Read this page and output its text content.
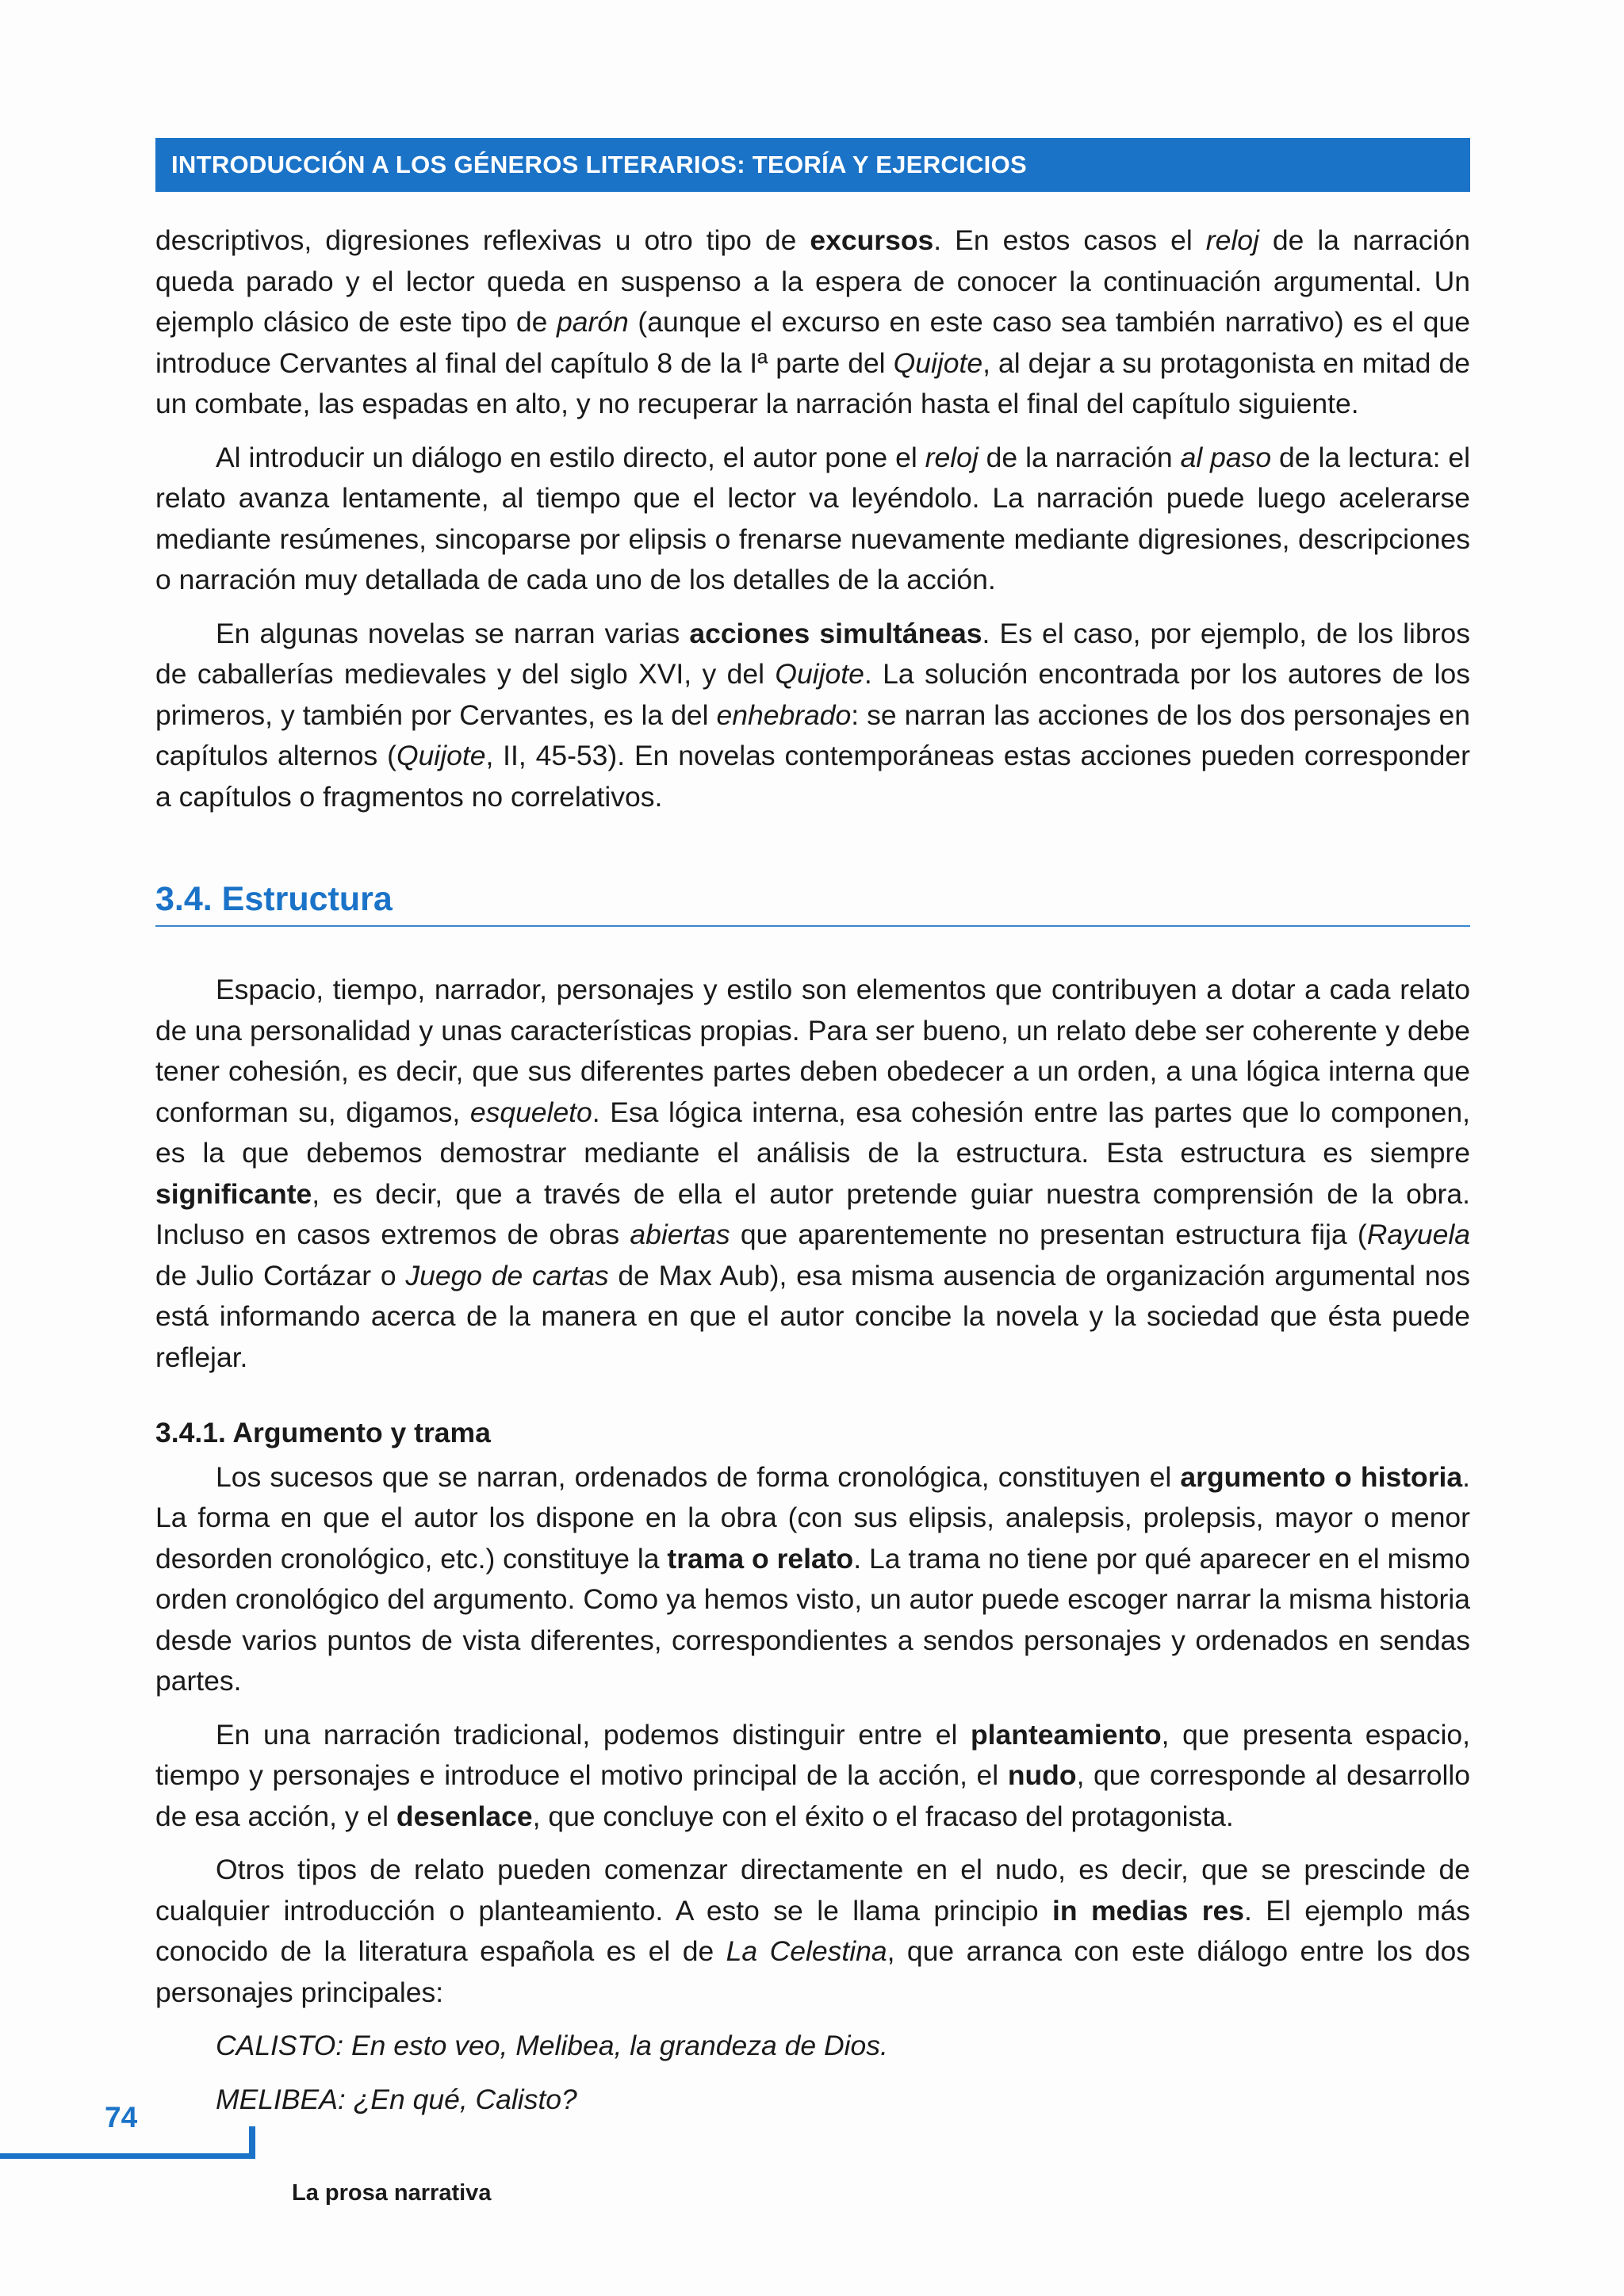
INTRODUCCIÓN A LOS GÉNEROS LITERARIOS: TEORÍA Y EJERCICIOS

descriptivos, digresiones reflexivas u otro tipo de excursos. En estos casos el reloj de la narración queda parado y el lector queda en suspenso a la espera de conocer la continuación argumental. Un ejemplo clásico de este tipo de parón (aunque el excurso en este caso sea también narrativo) es el que introduce Cervantes al final del capítulo 8 de la Iª parte del Quijote, al dejar a su protagonista en mitad de un combate, las espadas en alto, y no recuperar la narración hasta el final del capítulo siguiente.

Al introducir un diálogo en estilo directo, el autor pone el reloj de la narración al paso de la lectura: el relato avanza lentamente, al tiempo que el lector va leyéndolo. La narración puede luego acelerarse mediante resúmenes, sincoparse por elipsis o frenarse nuevamente mediante digresiones, descripciones o narración muy detallada de cada uno de los detalles de la acción.

En algunas novelas se narran varias acciones simultáneas. Es el caso, por ejemplo, de los libros de caballerías medievales y del siglo XVI, y del Quijote. La solución encontrada por los autores de los primeros, y también por Cervantes, es la del enhebrado: se narran las acciones de los dos personajes en capítulos alternos (Quijote, II, 45-53). En novelas contemporáneas estas acciones pueden corresponder a capítulos o fragmentos no correlativos.

3.4. Estructura

Espacio, tiempo, narrador, personajes y estilo son elementos que contribuyen a dotar a cada relato de una personalidad y unas características propias. Para ser bueno, un relato debe ser coherente y debe tener cohesión, es decir, que sus diferentes partes deben obedecer a un orden, a una lógica interna que conforman su, digamos, esqueleto. Esa lógica interna, esa cohesión entre las partes que lo componen, es la que debemos demostrar mediante el análisis de la estructura. Esta estructura es siempre significante, es decir, que a través de ella el autor pretende guiar nuestra comprensión de la obra. Incluso en casos extremos de obras abiertas que aparentemente no presentan estructura fija (Rayuela de Julio Cortázar o Juego de cartas de Max Aub), esa misma ausencia de organización argumental nos está informando acerca de la manera en que el autor concibe la novela y la sociedad que ésta puede reflejar.

3.4.1. Argumento y trama

Los sucesos que se narran, ordenados de forma cronológica, constituyen el argumento o historia. La forma en que el autor los dispone en la obra (con sus elipsis, analepsis, prolepsis, mayor o menor desorden cronológico, etc.) constituye la trama o relato. La trama no tiene por qué aparecer en el mismo orden cronológico del argumento. Como ya hemos visto, un autor puede escoger narrar la misma historia desde varios puntos de vista diferentes, correspondientes a sendos personajes y ordenados en sendas partes.

En una narración tradicional, podemos distinguir entre el planteamiento, que presenta espacio, tiempo y personajes e introduce el motivo principal de la acción, el nudo, que corresponde al desarrollo de esa acción, y el desenlace, que concluye con el éxito o el fracaso del protagonista.

Otros tipos de relato pueden comenzar directamente en el nudo, es decir, que se prescinde de cualquier introducción o planteamiento. A esto se le llama principio in medias res. El ejemplo más conocido de la literatura española es el de La Celestina, que arranca con este diálogo entre los dos personajes principales:

CALISTO: En esto veo, Melibea, la grandeza de Dios.

MELIBEA: ¿En qué, Calisto?

74
La prosa narrativa
